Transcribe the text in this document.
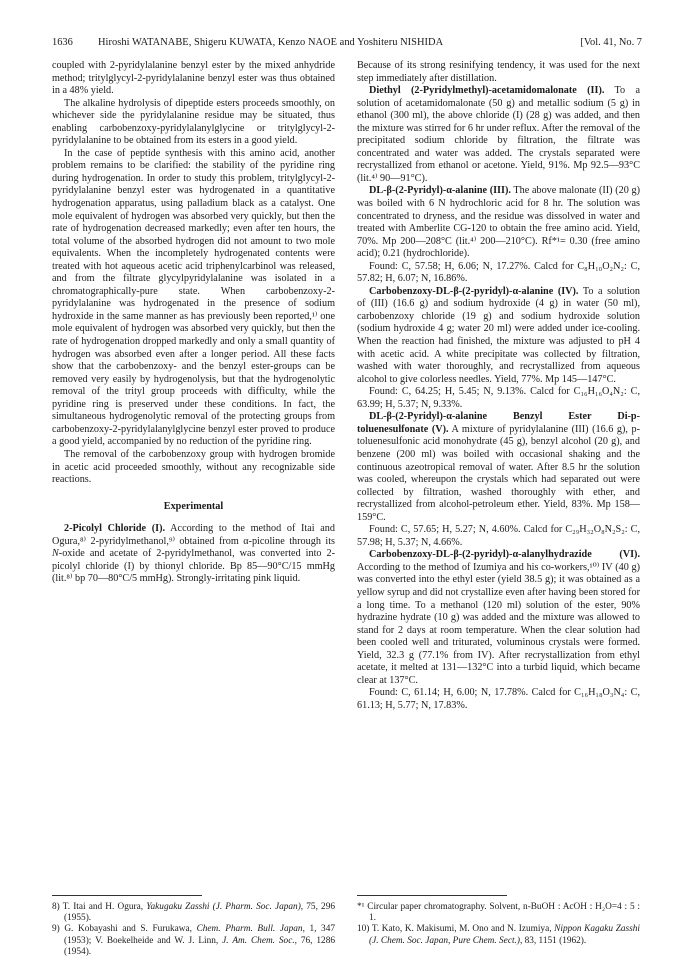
1636 Hiroshi WATANABE, Shigeru KUWATA, Kenzo NAOE and Yoshiteru NISHIDA	[Vol. 41, No. 7

coupled with 2-pyridylalanine benzyl ester by the mixed anhydride method; tritylglycyl-2-pyridylalanine benzyl ester was thus obtained in a 48% yield.

The alkaline hydrolysis of dipeptide esters proceeds smoothly, on whichever side the pyridylalanine residue may be situated, thus enabling carbobenzoxy-pyridylalanylglycine or tritylglycyl-2-pyridylalanine to be obtained from its esters in a good yield.

In the case of peptide synthesis with this amino acid, another problem remains to be clarified: the stability of the pyridine ring during hydrogenation. In order to study this problem, tritylglycyl-2-pyridylalanine benzyl ester was hydrogenated in a quantitative hydrogenation apparatus, using palladium black as a catalyst. One mole equivalent of hydrogen was absorbed very quickly, but then the rate of hydrogenation decreased markedly; even after ten hours, the total volume of the absorbed hydrogen did not amount to two mole equivalents. When the incompletely hydrogenated contents were treated with hot aqueous acetic acid triphenylcarbinol was released, and from the filtrate glycylpyridylalanine was isolated in a chromatographically-pure state. When carbobenzoxy-2-pyridylalanine was hydrogenated in the presence of sodium hydroxide in the same manner as has previously been reported,¹⁾ one mole equivalent of hydrogen was absorbed very quickly, but then the rate of hydrogenation dropped markedly and only a small quantity of hydrogen was absorbed even after a longer period. All these facts show that the carbobenzoxy- and the benzyl ester-groups can be removed very easily by hydrogenolysis, but that the hydrogenolytic removal of the trityl group proceeds with difficulty, while the pyridine ring is preserved under these conditions. In fact, the simultaneous hydrogenolytic removal of the protecting groups from carbobenzoxy-2-pyridylalanylglycine benzyl ester proved to produce a good yield, accompanied by no reduction of the pyridine ring.

The removal of the carbobenzoxy group with hydrogen bromide in acetic acid proceeded smoothly, without any recognizable side reactions.

Experimental

2-Picolyl Chloride (I). According to the method of Itai and Ogura,⁸⁾ 2-pyridylmethanol,⁹⁾ obtained from α-picoline through its N-oxide and acetate of 2-pyridylmethanol, was converted into 2-picolyl chloride (I) by thionyl chloride. Bp 85—90°C/15 mmHg (lit.⁸⁾ bp 70—80°C/5 mmHg). Strongly-irritating pink liquid.

Because of its strong resinifying tendency, it was used for the next step immediately after distillation.

Diethyl (2-Pyridylmethyl)-acetamidomalonate (II). To a solution of acetamidomalonate (50 g) and metallic sodium (5 g) in ethanol (300 ml), the above chloride (I) (28 g) was added, and then the mixture was stirred for 6 hr under reflux. After the removal of the precipitated sodium chloride by filtration, the filtrate was concentrated and water was added. The crystals separated were recrystallized from ethanol or acetone. Yield, 91%. Mp 92.5—93°C (lit.⁴⁾ 90—91°C).

DL-β-(2-Pyridyl)-α-alanine (III). The above malonate (II) (20 g) was boiled with 6 N hydrochloric acid for 8 hr. The solution was concentrated to dryness, and the residue was dissolved in water and treated with Amberlite CG-120 to obtain the free amino acid. Yield, 70%. Mp 200—208°C (lit.⁴⁾ 200—210°C). Rf*¹= 0.30 (free amino acid); 0.21 (hydrochloride).

Found: C, 57.58; H, 6.06; N, 17.27%. Calcd for C₈H₁₀O₂N₂: C, 57.82; H, 6.07; N, 16.86%.

Carbobenzoxy-DL-β-(2-pyridyl)-α-alanine (IV). To a solution of (III) (16.6 g) and sodium hydroxide (4 g) in water (50 ml), carbobenzoxy chloride (19 g) and sodium hydroxide solution (sodium hydroxide 4 g; water 20 ml) were added under ice-cooling. When the reaction had finished, the mixture was adjusted to pH 4 with acetic acid. A white precipitate was collected by filtration, washed with water thoroughly, and recrystallized from aqueous alcohol to give colorless needles. Yield, 77%. Mp 145—147°C.

Found: C, 64.25; H, 5.45; N, 9.13%. Calcd for C₁₆H₁₆O₄N₂: C, 63.99; H, 5.37; N, 9.33%.

DL-β-(2-Pyridyl)-α-alanine Benzyl Ester Di-p-toluenesulfonate (V). A mixture of pyridylalanine (III) (16.6 g), p-toluenesulfonic acid monohydrate (45 g), benzyl alcohol (20 g), and benzene (200 ml) was boiled with occasional shaking and the continuous azeotropical removal of water. After 8.5 hr the solution was cooled, whereupon the crystals which had separated out were collected by filtration, washed thoroughly with ether, and recrystallized from alcohol-petroleum ether. Yield, 83%. Mp 158—159°C.

Found: C, 57.65; H, 5.27; N, 4.60%. Calcd for C₂₉H₃₂O₈N₂S₂: C, 57.98; H, 5.37; N, 4.66%.

Carbobenzoxy-DL-β-(2-pyridyl)-α-alanylhydrazide (VI). According to the method of Izumiya and his co-workers,¹⁰⁾ IV (40 g) was converted into the ethyl ester (yield 38.5 g); it was obtained as a yellow syrup and did not crystallize even after having been stored for a long time. To a methanol (120 ml) solution of the ester, 90% hydrazine hydrate (10 g) was added and the mixture was allowed to stand for 2 days at room temperature. When the clear solution had been cooled well and triturated, voluminous crystals were formed. Yield, 32.3 g (77.1% from IV). After recrystallization from ethyl acetate, it melted at 131—132°C into a turbid liquid, which became clear at 137°C.

Found: C, 61.14; H, 6.00; N, 17.78%. Calcd for C₁₆H₁₈O₃N₄: C, 61.13; H, 5.77; N, 17.83%.

8) T. Itai and H. Ogura, Yakugaku Zasshi (J. Pharm. Soc. Japan), 75, 296 (1955).

9) G. Kobayashi and S. Furukawa, Chem. Pharm. Bull. Japan, 1, 347 (1953); V. Boekelheide and W. J. Linn, J. Am. Chem. Soc., 76, 1286 (1954).

*¹ Circular paper chromatography. Solvent, n-BuOH : AcOH : H₂O=4 : 5 : 1.

10) T. Kato, K. Makisumi, M. Ono and N. Izumiya, Nippon Kagaku Zasshi (J. Chem. Soc. Japan, Pure Chem. Sect.), 83, 1151 (1962).
